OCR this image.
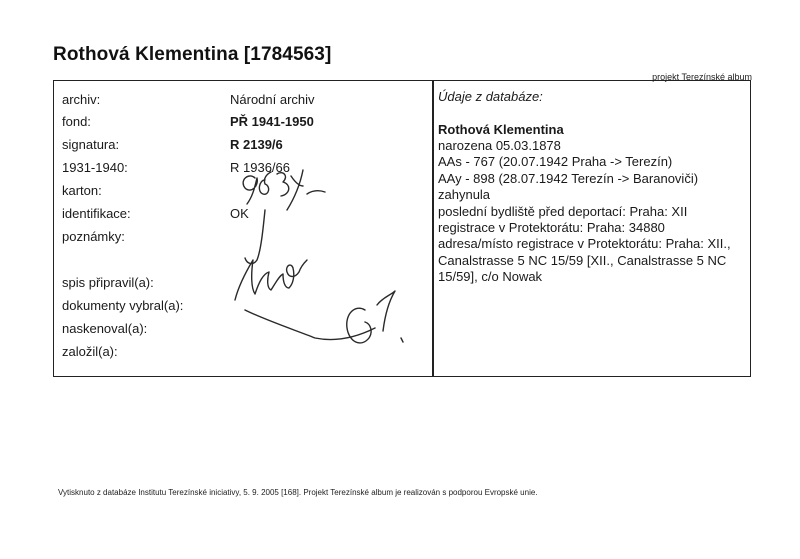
Rothová Klementina [1784563]
projekt Terezínské album
archiv:	Národní archiv
fond:	PŘ 1941-1950
signatura:	R 2139/6
1931-1940:	R 1936/66
karton:
identifikace:	OK
poznámky:
spis připravil(a):
dokumenty vybral(a):
naskenoval(a):
založil(a):
Údaje z databáze:
Rothová Klementina
narozena 05.03.1878
AAs - 767 (20.07.1942 Praha -> Terezín)
AAy - 898 (28.07.1942 Terezín -> Baranoviči)
zahynula
poslední bydliště před deportací: Praha: XII
registrace v Protektorátu: Praha: 34880
adresa/místo registrace v Protektorátu: Praha: XII., Canalstrasse 5 NC 15/59 [XII., Canalstrasse 5 NC 15/59], c/o Nowak
Vytisknuto z databáze Institutu Terezínské iniciativy, 5. 9. 2005 [168]. Projekt Terezínské album je realizován s podporou Evropské unie.
